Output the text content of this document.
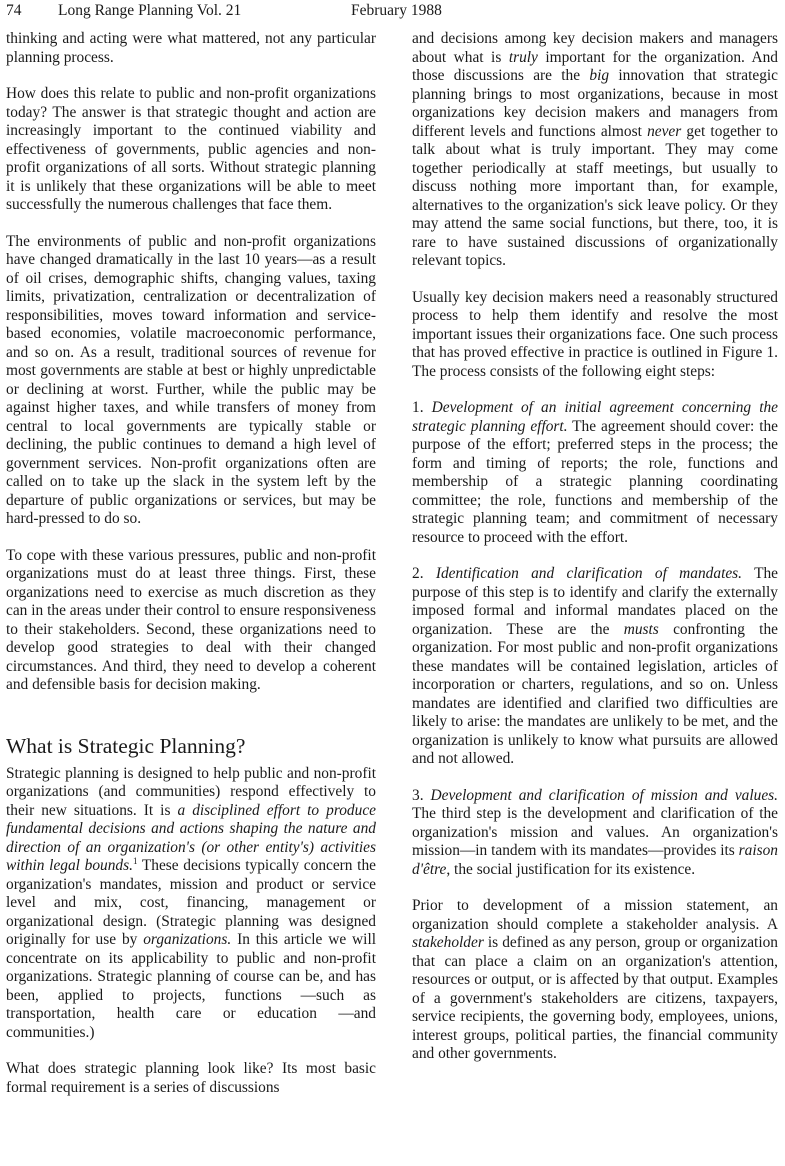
74 Long Range Planning Vol. 21	February 1988

thinking and acting were what mattered, not any particular planning process.

How does this relate to public and non-profit organizations today? The answer is that strategic thought and action are increasingly important to the continued viability and effectiveness of governments, public agencies and non-profit organizations of all sorts. Without strategic planning it is unlikely that these organizations will be able to meet successfully the numerous challenges that face them.

The environments of public and non-profit organizations have changed dramatically in the last 10 years—as a result of oil crises, demographic shifts, changing values, taxing limits, privatization, centralization or decentralization of responsibilities, moves toward information and service-based economies, volatile macroeconomic performance, and so on. As a result, traditional sources of revenue for most governments are stable at best or highly unpredictable or declining at worst. Further, while the public may be against higher taxes, and while transfers of money from central to local governments are typically stable or declining, the public continues to demand a high level of government services. Non-profit organizations often are called on to take up the slack in the system left by the departure of public organizations or services, but may be hard-pressed to do so.

To cope with these various pressures, public and non-profit organizations must do at least three things. First, these organizations need to exercise as much discretion as they can in the areas under their control to ensure responsiveness to their stakeholders. Second, these organizations need to develop good strategies to deal with their changed circumstances. And third, they need to develop a coherent and defensible basis for decision making.

What is Strategic Planning?

Strategic planning is designed to help public and non-profit organizations (and communities) respond effectively to their new situations. It is a disciplined effort to produce fundamental decisions and actions shaping the nature and direction of an organization's (or other entity's) activities within legal bounds.$^1$ These decisions typically concern the organization's mandates, mission and product or service level and mix, cost, financing, management or organizational design. (Strategic planning was designed originally for use by organizations. In this article we will concentrate on its applicability to public and non-profit organizations. Strategic planning of course can be, and has been, applied to projects, functions —such as transportation, health care or education —and communities.)

What does strategic planning look like? Its most basic formal requirement is a series of discussions

and decisions among key decision makers and managers about what is truly important for the organization. And those discussions are the big innovation that strategic planning brings to most organizations, because in most organizations key decision makers and managers from different levels and functions almost never get together to talk about what is truly important. They may come together periodically at staff meetings, but usually to discuss nothing more important than, for example, alternatives to the organization's sick leave policy. Or they may attend the same social functions, but there, too, it is rare to have sustained discussions of organizationally relevant topics.

Usually key decision makers need a reasonably structured process to help them identify and resolve the most important issues their organizations face. One such process that has proved effective in practice is outlined in Figure 1. The process consists of the following eight steps:

1. Development of an initial agreement concerning the strategic planning effort. The agreement should cover: the purpose of the effort; preferred steps in the process; the form and timing of reports; the role, functions and membership of a strategic planning coordinating committee; the role, functions and membership of the strategic planning team; and commitment of necessary resource to proceed with the effort.

2. Identification and clarification of mandates. The purpose of this step is to identify and clarify the externally imposed formal and informal mandates placed on the organization. These are the musts confronting the organization. For most public and non-profit organizations these mandates will be contained legislation, articles of incorporation or charters, regulations, and so on. Unless mandates are identified and clarified two difficulties are likely to arise: the mandates are unlikely to be met, and the organization is unlikely to know what pursuits are allowed and not allowed.

3. Development and clarification of mission and values. The third step is the development and clarification of the organization's mission and values. An organization's mission—in tandem with its mandates—provides its raison d'être, the social justification for its existence.

Prior to development of a mission statement, an organization should complete a stakeholder analysis. A stakeholder is defined as any person, group or organization that can place a claim on an organization's attention, resources or output, or is affected by that output. Examples of a government's stakeholders are citizens, taxpayers, service recipients, the governing body, employees, unions, interest groups, political parties, the financial community and other governments.
